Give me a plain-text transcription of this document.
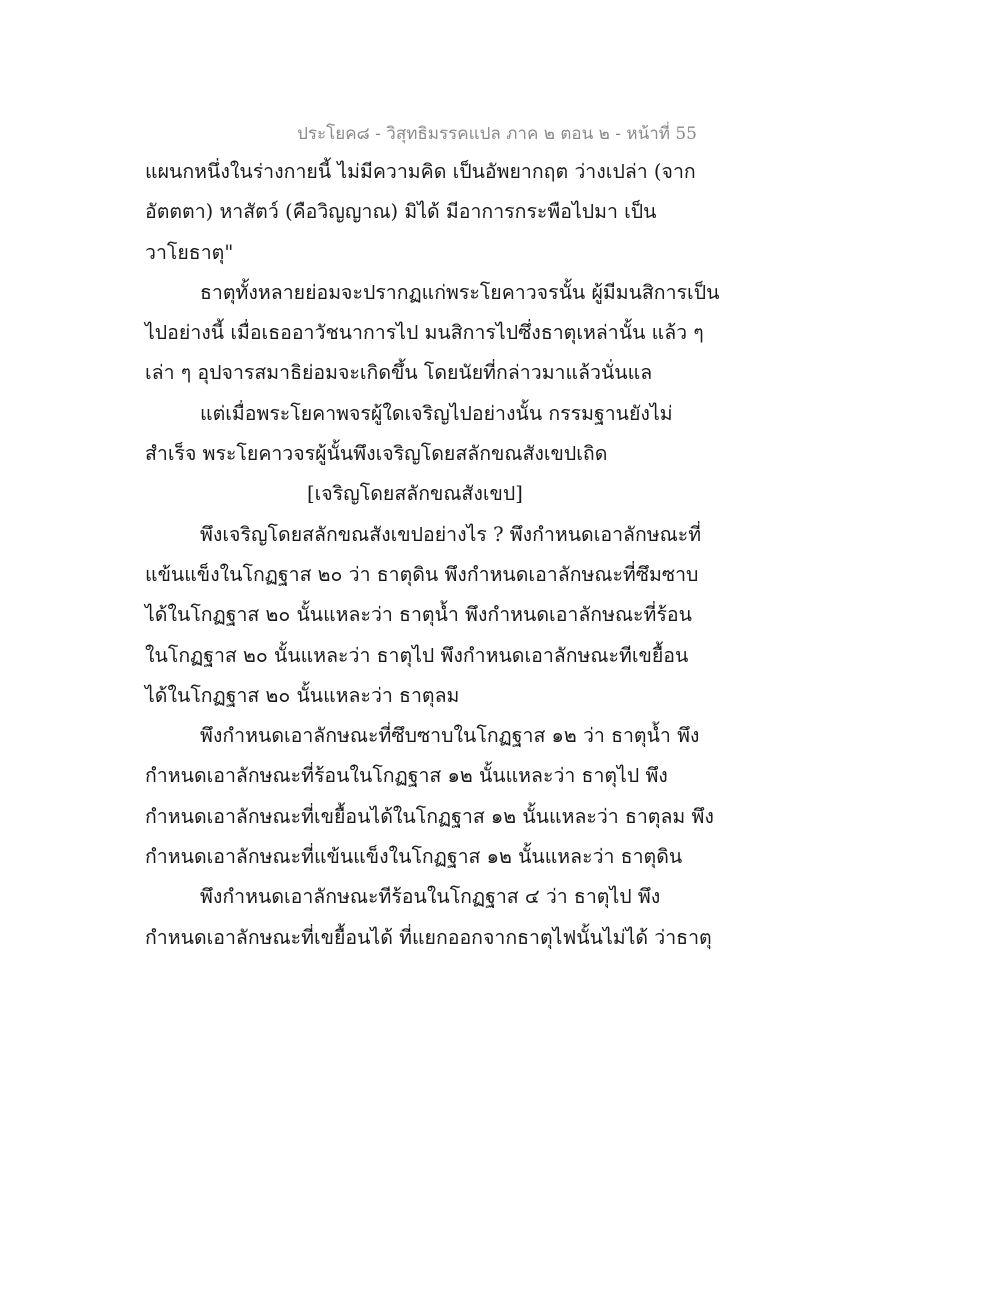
ประโยค๘ - วิสุทธิมรรคแปล ภาค ๒ ตอน ๒ - หน้าที่ 55
แผนกหนึ่งในร่างกายนี้ ไม่มีความคิด เป็นอัพยากฤต ว่างเปล่า (จาก
อัตตตา) หาสัตว์ (คือวิญญาณ) มิได้ มีอาการกระพือไปมา เป็น
วาโยธาตุ"
ธาตุทั้งหลายย่อมจะปรากฏแก่พระโยคาวจรนั้น ผู้มีมนสิการเป็น
ไปอย่างนี้ เมื่อเธออาวัชนาการไป มนสิการไปซึ่งธาตุเหล่านั้น แล้ว ๆ
เล่า ๆ อุปจารสมาธิย่อมจะเกิดขึ้น โดยนัยที่กล่าวมาแล้วนั่นแล
แต่เมื่อพระโยคาพจรผู้ใดเจริญไปอย่างนั้น กรรมฐานยังไม่
สำเร็จ พระโยคาวจรผู้นั้นพึงเจริญโดยสลักขณสังเขปเถิด
[เจริญโดยสลักขณสังเขป]
พึงเจริญโดยสลักขณสังเขปอย่างไร ? พึงกำหนดเอาลักษณะที่
แข้นแข็งในโกฏฐาส ๒๐ ว่า ธาตุดิน พึงกำหนดเอาลักษณะที่ซึมซาบ
ได้ในโกฏฐาส ๒๐ นั้นแหละว่า ธาตุน้ำ พึงกำหนดเอาลักษณะที่ร้อน
ในโกฏฐาส ๒๐ นั้นแหละว่า ธาตุไป พึงกำหนดเอาลักษณะทีเขยื้อน
ได้ในโกฏฐาส ๒๐ นั้นแหละว่า ธาตุลม
พึงกำหนดเอาลักษณะที่ซึบซาบในโกฏฐาส ๑๒ ว่า ธาตุน้ำ พึง
กำหนดเอาลักษณะที่ร้อนในโกฏฐาส ๑๒ นั้นแหละว่า ธาตุไป พึง
กำหนดเอาลักษณะที่เขยื้อนได้ในโกฏฐาส ๑๒ นั้นแหละว่า ธาตุลม พึง
กำหนดเอาลักษณะที่แข้นแข็งในโกฏฐาส ๑๒ นั้นแหละว่า ธาตุดิน
พึงกำหนดเอาลักษณะทีร้อนในโกฏฐาส ๔ ว่า ธาตุไป พึง
กำหนดเอาลักษณะที่เขยื้อนได้ ที่แยกออกจากธาตุไฟนั้นไม่ได้ ว่าธาตุ
